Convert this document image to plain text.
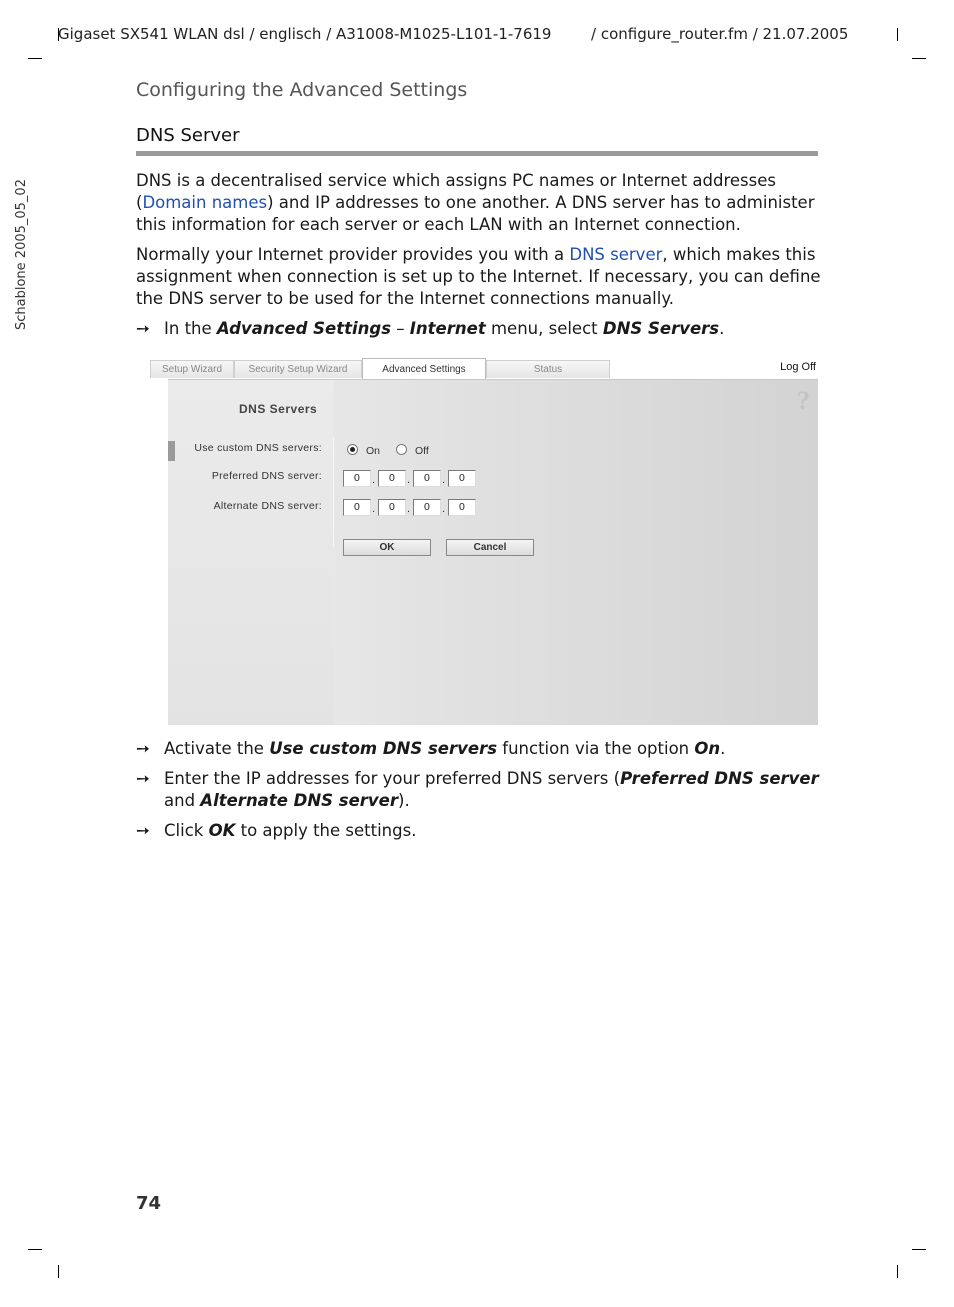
Gigaset SX541 WLAN dsl / englisch / A31008-M1025-L101-1-7619	/ configure_router.fm / 21.07.2005
Schablone 2005_05_02
Configuring the Advanced Settings
DNS Server
DNS is a decentralised service which assigns PC names or Internet addresses (Domain names) and IP addresses to one another. A DNS server has to administer this information for each server or each LAN with an Internet connection.
Normally your Internet provider provides you with a DNS server, which makes this assignment when connection is set up to the Internet. If necessary, you can define the DNS server to be used for the Internet connections manually.
➙ In the Advanced Settings – Internet menu, select DNS Servers.
Setup Wizard	Security Setup Wizard	Advanced Settings	Status	Log Off
DNS Servers	?
Use custom DNS servers:	On	Off
Preferred DNS server:	0	.	0	.	0	.	0
Alternate DNS server:	0	.	0	.	0	.	0
OK	Cancel
➙ Activate the Use custom DNS servers function via the option On.
➙ Enter the IP addresses for your preferred DNS servers (Preferred DNS server and Alternate DNS server).
➙ Click OK to apply the settings.
74
